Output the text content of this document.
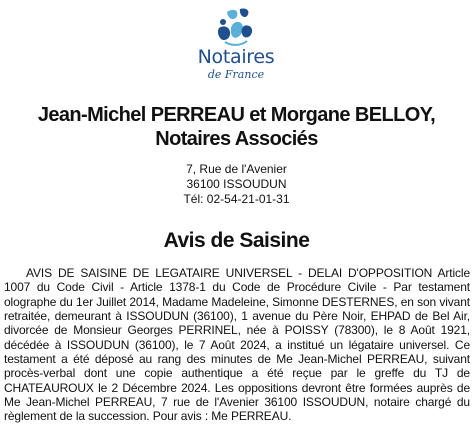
Notaires
de France
Jean-Michel PERREAU et Morgane BELLOY, Notaires Associés
7, Rue de l'Avenier
36100 ISSOUDUN
Tél: 02-54-21-01-31
Avis de Saisine

AVIS DE SAISINE DE LEGATAIRE UNIVERSEL - DELAI D'OPPOSITION Article 1007 du Code Civil - Article 1378-1 du Code de Procédure Civile - Par testament olographe du 1er Juillet 2014, Madame Madeleine, Simonne DESTERNES, en son vivant retraitée, demeurant à ISSOUDUN (36100), 1 avenue du Père Noir, EHPAD de Bel Air, divorcée de Monsieur Georges PERRINEL, née à POISSY (78300), le 8 Août 1921, décédée à ISSOUDUN (36100), le 7 Août 2024, a institué un légataire universel. Ce testament a été déposé au rang des minutes de Me Jean-Michel PERREAU, suivant procès-verbal dont une copie authentique a été reçue par le greffe du TJ de CHATEAUROUX le 2 Décembre 2024. Les oppositions devront être formées auprès de Me Jean-Michel PERREAU, 7 rue de l'Avenier 36100 ISSOUDUN, notaire chargé du règlement de la succession. Pour avis : Me PERREAU.
